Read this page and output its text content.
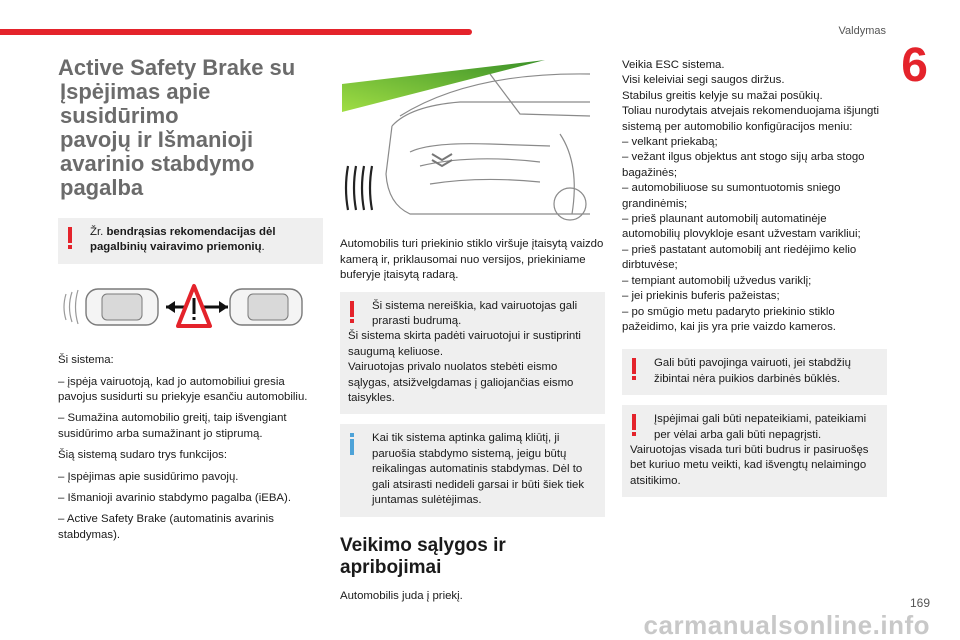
Valdymas
6
Active Safety Brake su
Įspėjimas apie susidūrimo
pavojų ir Išmanioji
avarinio stabdymo
pagalba

Žr. bendrąsias rekomendacijas dėl pagalbinių vairavimo priemonių.

Ši sistema:

– įspėja vairuotoją, kad jo automobiliui gresia pavojus susidurti su priekyje esančiu automobiliu.

– Sumažina automobilio greitį, taip išvengiant susidūrimo arba sumažinant jo stiprumą.

Šią sistemą sudaro trys funkcijos:

– Įspėjimas apie susidūrimo pavojų.

– Išmanioji avarinio stabdymo pagalba (iEBA).

– Active Safety Brake (automatinis avarinis stabdymas).

Automobilis turi priekinio stiklo viršuje įtaisytą vaizdo kamerą ir, priklausomai nuo versijos, priekiniame buferyje įtaisytą radarą.

Ši sistema nereiškia, kad vairuotojas gali prarasti budrumą.

Ši sistema skirta padėti vairuotojui ir sustiprinti saugumą keliuose.

Vairuotojas privalo nuolatos stebėti eismo sąlygas, atsižvelgdamas į galiojančias eismo taisykles.

Kai tik sistema aptinka galimą kliūtį, ji paruošia stabdymo sistemą, jeigu būtų reikalingas automatinis stabdymas. Dėl to gali atsirasti nedideli garsai ir būti šiek tiek juntamas sulėtėjimas.

Veikimo sąlygos ir apribojimai

Automobilis juda į priekį.

Veikia ESC sistema.

Visi keleiviai segi saugos diržus.

Stabilus greitis kelyje su mažai posūkių.

Toliau nurodytais atvejais rekomenduojama išjungti sistemą per automobilio konfigūracijos meniu:

– velkant priekabą;

– vežant ilgus objektus ant stogo sijų arba stogo bagažinės;

– automobiliuose su sumontuotomis sniego grandinėmis;

– prieš plaunant automobilį automatinėje automobilių plovykloje esant užvestam varikliui;

– prieš pastatant automobilį ant riedėjimo kelio dirbtuvėse;

– tempiant automobilį užvedus variklį;

– jei priekinis buferis pažeistas;

– po smūgio metu padaryto priekinio stiklo pažeidimo, kai jis yra prie vaizdo kameros.

Gali būti pavojinga vairuoti, jei stabdžių žibintai nėra puikios darbinės būklės.

Įspėjimai gali būti nepateikiami, pateikiami per vėlai arba gali būti nepagrįsti.

Vairuotojas visada turi būti budrus ir pasiruošęs bet kuriuo metu veikti, kad išvengtų nelaimingo atsitikimo.

carmanualsonline.info
169
